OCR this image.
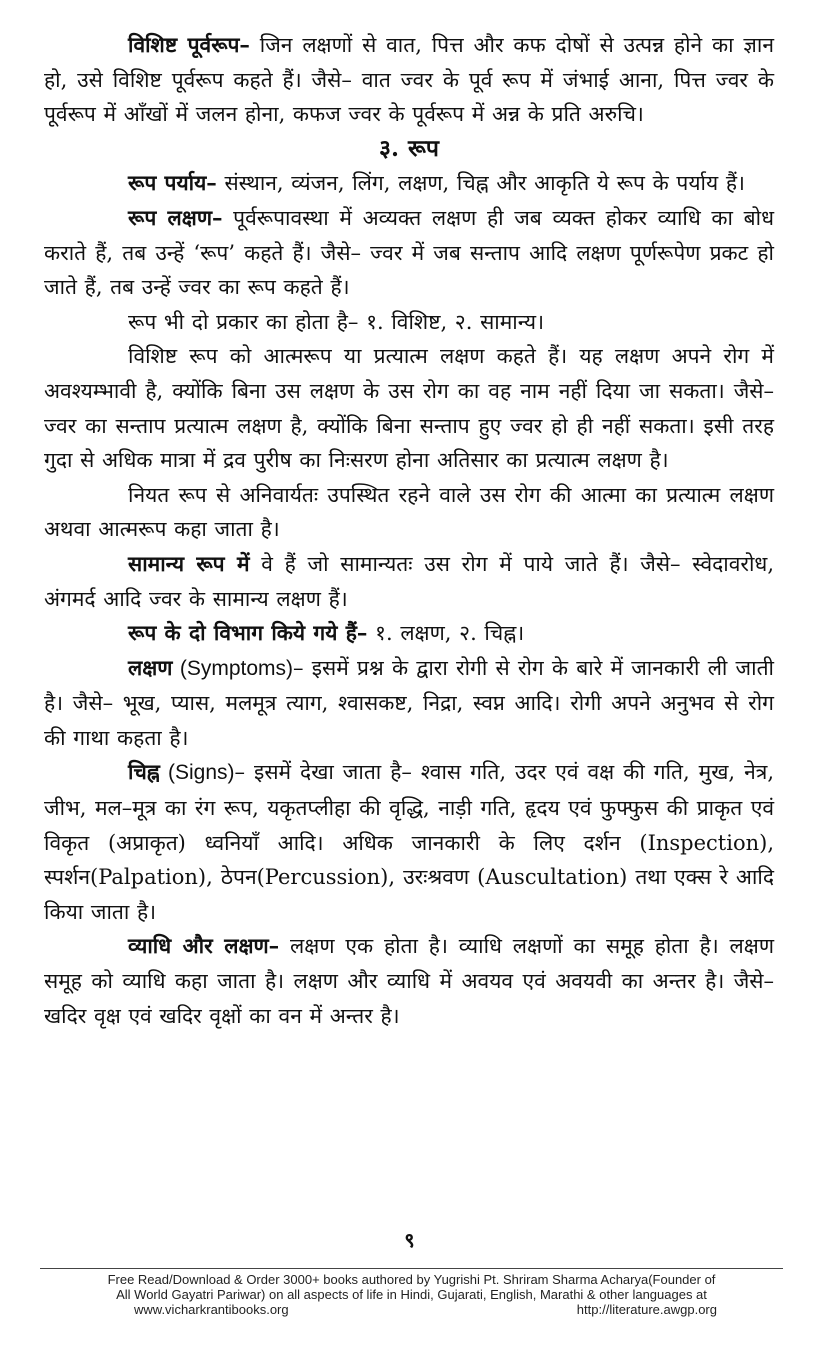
विशिष्ट पूर्वरूप– जिन लक्षणों से वात, पित्त और कफ दोषों से उत्पन्न होने का ज्ञान हो, उसे विशिष्ट पूर्वरूप कहते हैं। जैसे– वात ज्वर के पूर्व रूप में जंभाई आना, पित्त ज्वर के पूर्वरूप में आँखों में जलन होना, कफज ज्वर के पूर्वरूप में अन्न के प्रति अरुचि।

३. रूप

रूप पर्याय– संस्थान, व्यंजन, लिंग, लक्षण, चिह्न और आकृति ये रूप के पर्याय हैं।

रूप लक्षण– पूर्वरूपावस्था में अव्यक्त लक्षण ही जब व्यक्त होकर व्याधि का बोध कराते हैं, तब उन्हें ‘रूप’ कहते हैं। जैसे– ज्वर में जब सन्ताप आदि लक्षण पूर्णरूपेण प्रकट हो जाते हैं, तब उन्हें ज्वर का रूप कहते हैं।

रूप भी दो प्रकार का होता है– १. विशिष्ट, २. सामान्य।

विशिष्ट रूप को आत्मरूप या प्रत्यात्म लक्षण कहते हैं। यह लक्षण अपने रोग में अवश्यम्भावी है, क्योंकि बिना उस लक्षण के उस रोग का वह नाम नहीं दिया जा सकता। जैसे– ज्वर का सन्ताप प्रत्यात्म लक्षण है, क्योंकि बिना सन्ताप हुए ज्वर हो ही नहीं सकता। इसी तरह गुदा से अधिक मात्रा में द्रव पुरीष का निःसरण होना अतिसार का प्रत्यात्म लक्षण है।

नियत रूप से अनिवार्यतः उपस्थित रहने वाले उस रोग की आत्मा का प्रत्यात्म लक्षण अथवा आत्मरूप कहा जाता है।

सामान्य रूप में वे हैं जो सामान्यतः उस रोग में पाये जाते हैं। जैसे– स्वेदावरोध, अंगमर्द आदि ज्वर के सामान्य लक्षण हैं।

रूप के दो विभाग किये गये हैं– १. लक्षण, २. चिह्न।

लक्षण (Symptoms)– इसमें प्रश्न के द्वारा रोगी से रोग के बारे में जानकारी ली जाती है। जैसे– भूख, प्यास, मलमूत्र त्याग, श्वासकष्ट, निद्रा, स्वप्न आदि। रोगी अपने अनुभव से रोग की गाथा कहता है।

चिह्न (Signs)– इसमें देखा जाता है– श्वास गति, उदर एवं वक्ष की गति, मुख, नेत्र, जीभ, मल–मूत्र का रंग रूप, यकृतप्लीहा की वृद्धि, नाड़ी गति, हृदय एवं फुफ्फुस की प्राकृत एवं विकृत (अप्राकृत) ध्वनियाँ आदि। अधिक जानकारी के लिए दर्शन (Inspection), स्पर्शन(Palpation), ठेपन(Percussion), उरःश्रवण (Auscultation) तथा एक्स रे आदि किया जाता है।

व्याधि और लक्षण– लक्षण एक होता है। व्याधि लक्षणों का समूह होता है। लक्षण समूह को व्याधि कहा जाता है। लक्षण और व्याधि में अवयव एवं अवयवी का अन्तर है। जैसे– खदिर वृक्ष एवं खदिर वृक्षों का वन में अन्तर है।

९
Free Read/Download & Order 3000+ books authored by Yugrishi Pt. Shriram Sharma Acharya(Founder of
All World Gayatri Pariwar) on all aspects of life in Hindi, Gujarati, English, Marathi & other languages at
www.vicharkrantibooks.org	http://literature.awgp.org
